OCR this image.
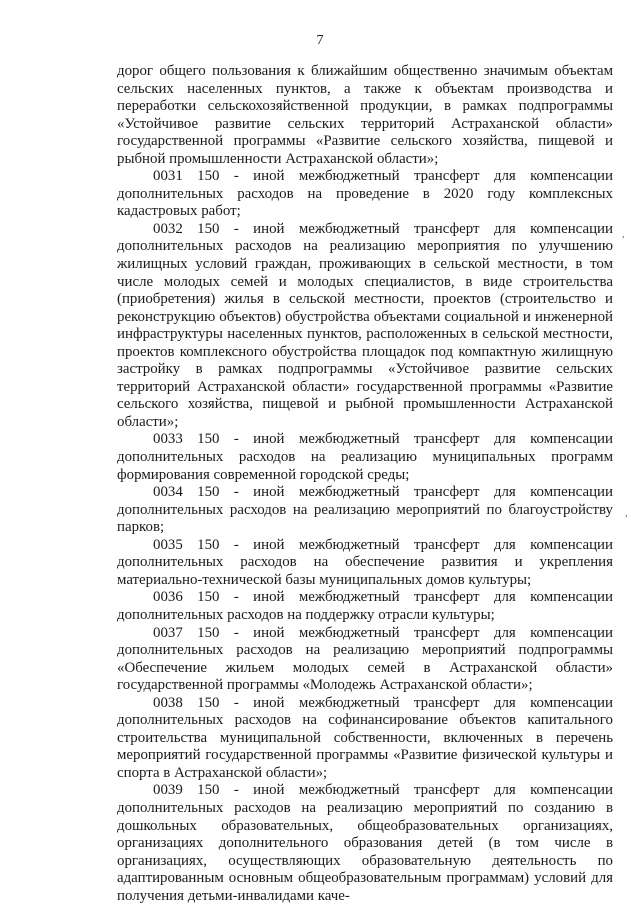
7

дорог общего пользования к ближайшим общественно значимым объектам сельских населенных пунктов, а также к объектам производства и переработки сельскохозяйственной продукции, в рамках подпрограммы «Устойчивое развитие сельских территорий Астраханской области» государственной программы «Развитие сельского хозяйства, пищевой и рыбной промышленности Астраханской области»;

0031 150 - иной межбюджетный трансферт для компенсации дополнительных расходов на проведение в 2020 году комплексных кадастровых работ;

0032 150 - иной межбюджетный трансферт для компенсации дополнительных расходов на реализацию мероприятия по улучшению жилищных условий граждан, проживающих в сельской местности, в том числе молодых семей и молодых специалистов, в виде строительства (приобретения) жилья в сельской местности, проектов (строительство и реконструкцию объектов) обустройства объектами социальной и инженерной инфраструктуры населенных пунктов, расположенных в сельской местности, проектов комплексного обустройства площадок под компактную жилищную застройку в рамках подпрограммы «Устойчивое развитие сельских территорий Астраханской области» государственной программы «Развитие сельского хозяйства, пищевой и рыбной промышленности Астраханской области»;

0033 150 - иной межбюджетный трансферт для компенсации дополнительных расходов на реализацию муниципальных программ формирования современной городской среды;

0034 150 - иной межбюджетный трансферт для компенсации дополнительных расходов на реализацию мероприятий по благоустройству парков;

0035 150 - иной межбюджетный трансферт для компенсации дополнительных расходов на обеспечение развития и укрепления материально-технической базы муниципальных домов культуры;

0036 150 - иной межбюджетный трансферт для компенсации дополнительных расходов на поддержку отрасли культуры;

0037 150 - иной межбюджетный трансферт для компенсации дополнительных расходов на реализацию мероприятий подпрограммы «Обеспечение жильем молодых семей в Астраханской области» государственной программы «Молодежь Астраханской области»;

0038 150 - иной межбюджетный трансферт для компенсации дополнительных расходов на софинансирование объектов капитального строительства муниципальной собственности, включенных в перечень мероприятий государственной программы «Развитие физической культуры и спорта в Астраханской области»;

0039 150 - иной межбюджетный трансферт для компенсации дополнительных расходов на реализацию мероприятий по созданию в дошкольных образовательных, общеобразовательных организациях, организациях дополнительного образования детей (в том числе в организациях, осуществляющих образовательную деятельность по адаптированным основным общеобразовательным программам) условий для получения детьми-инвалидами каче-

,
,
